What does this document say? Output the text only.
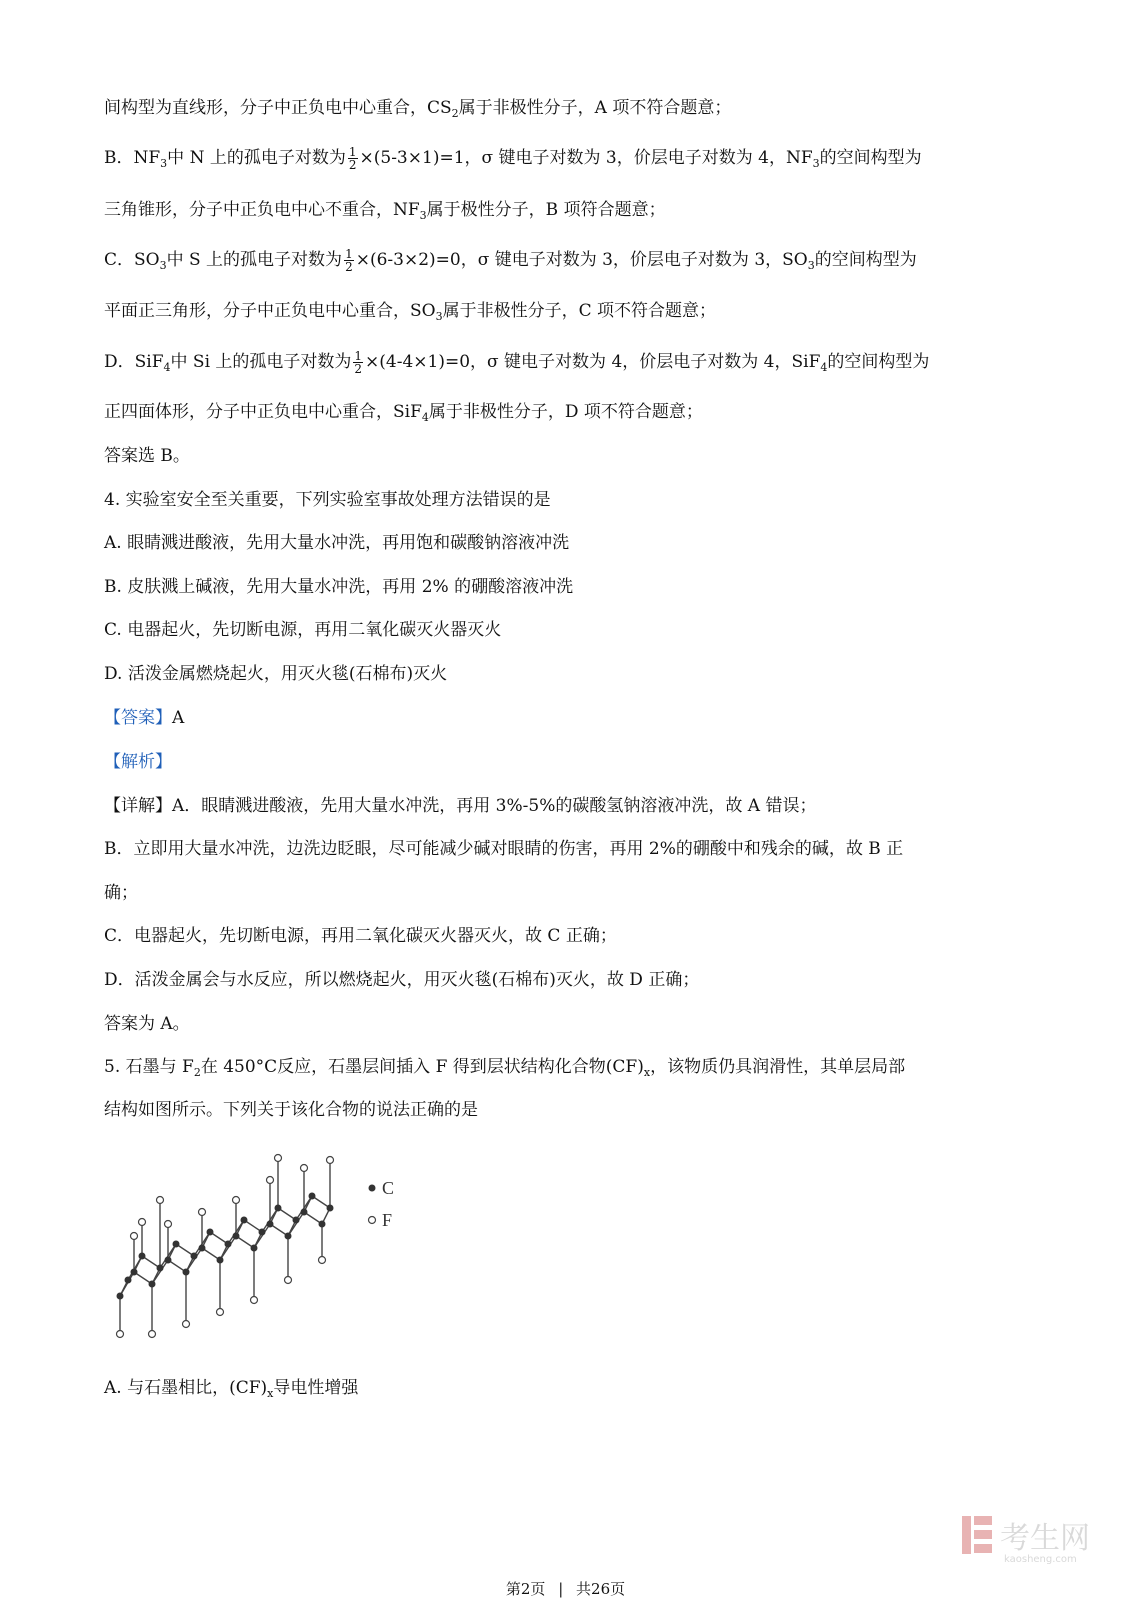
间构型为直线形，分子中正负电中心重合，$CS_2$属于非极性分子，A 项不符合题意；

B．$NF_3$中 N 上的孤电子对数为 $\frac{1}{2} \times(5-3\times 1)=1$，σ 键电子对数为 3，价层电子对数为 4，$NF_3$的空间构型为

三角锥形，分子中正负电中心不重合，$NF_3$属于极性分子，B 项符合题意；

C．$SO_3$中 S 上的孤电子对数为 $\frac{1}{2} \times(6-3\times 2)=0$，σ 键电子对数为 3，价层电子对数为 3，$SO_3$的空间构型为

平面正三角形，分子中正负电中心重合，$SO_3$属于非极性分子，C 项不符合题意；

D．SiF$_4$中 Si 上的孤电子对数为 $\frac{1}{2} \times(4-4\times 1)=0$，σ 键电子对数为 4，价层电子对数为 4，SiF$_4$的空间构型为

正四面体形，分子中正负电中心重合，SiF$_4$属于非极性分子，D 项不符合题意；

答案选 B。

4. 实验室安全至关重要，下列实验室事故处理方法错误的是

A. 眼睛溅进酸液，先用大量水冲洗，再用饱和碳酸钠溶液冲洗

B. 皮肤溅上碱液，先用大量水冲洗，再用 2% 的硼酸溶液冲洗

C. 电器起火，先切断电源，再用二氧化碳灭火器灭火

D. 活泼金属燃烧起火，用灭火毯(石棉布)灭火

【答案】A

【解析】

【详解】A．眼睛溅进酸液，先用大量水冲洗，再用 3%-5%的碳酸氢钠溶液冲洗，故 A 错误；

B．立即用大量水冲洗，边洗边眨眼，尽可能减少碱对眼睛的伤害，再用 2%的硼酸中和残余的碱，故 B 正

确；

C．电器起火，先切断电源，再用二氧化碳灭火器灭火，故 C 正确；

D．活泼金属会与水反应，所以燃烧起火，用灭火毯(石棉布)灭火，故 D 正确；

答案为 A。

5. 石墨与 $F_2$在 450°C反应，石墨层间插入 F 得到层状结构化合物$(CF)_x$，该物质仍具润滑性，其单层局部

结构如图所示。下列关于该化合物的说法正确的是

C
F

A. 与石墨相比，$(CF)_x$导电性增强

考生网
kaosheng.com
第2页 | 共26页
